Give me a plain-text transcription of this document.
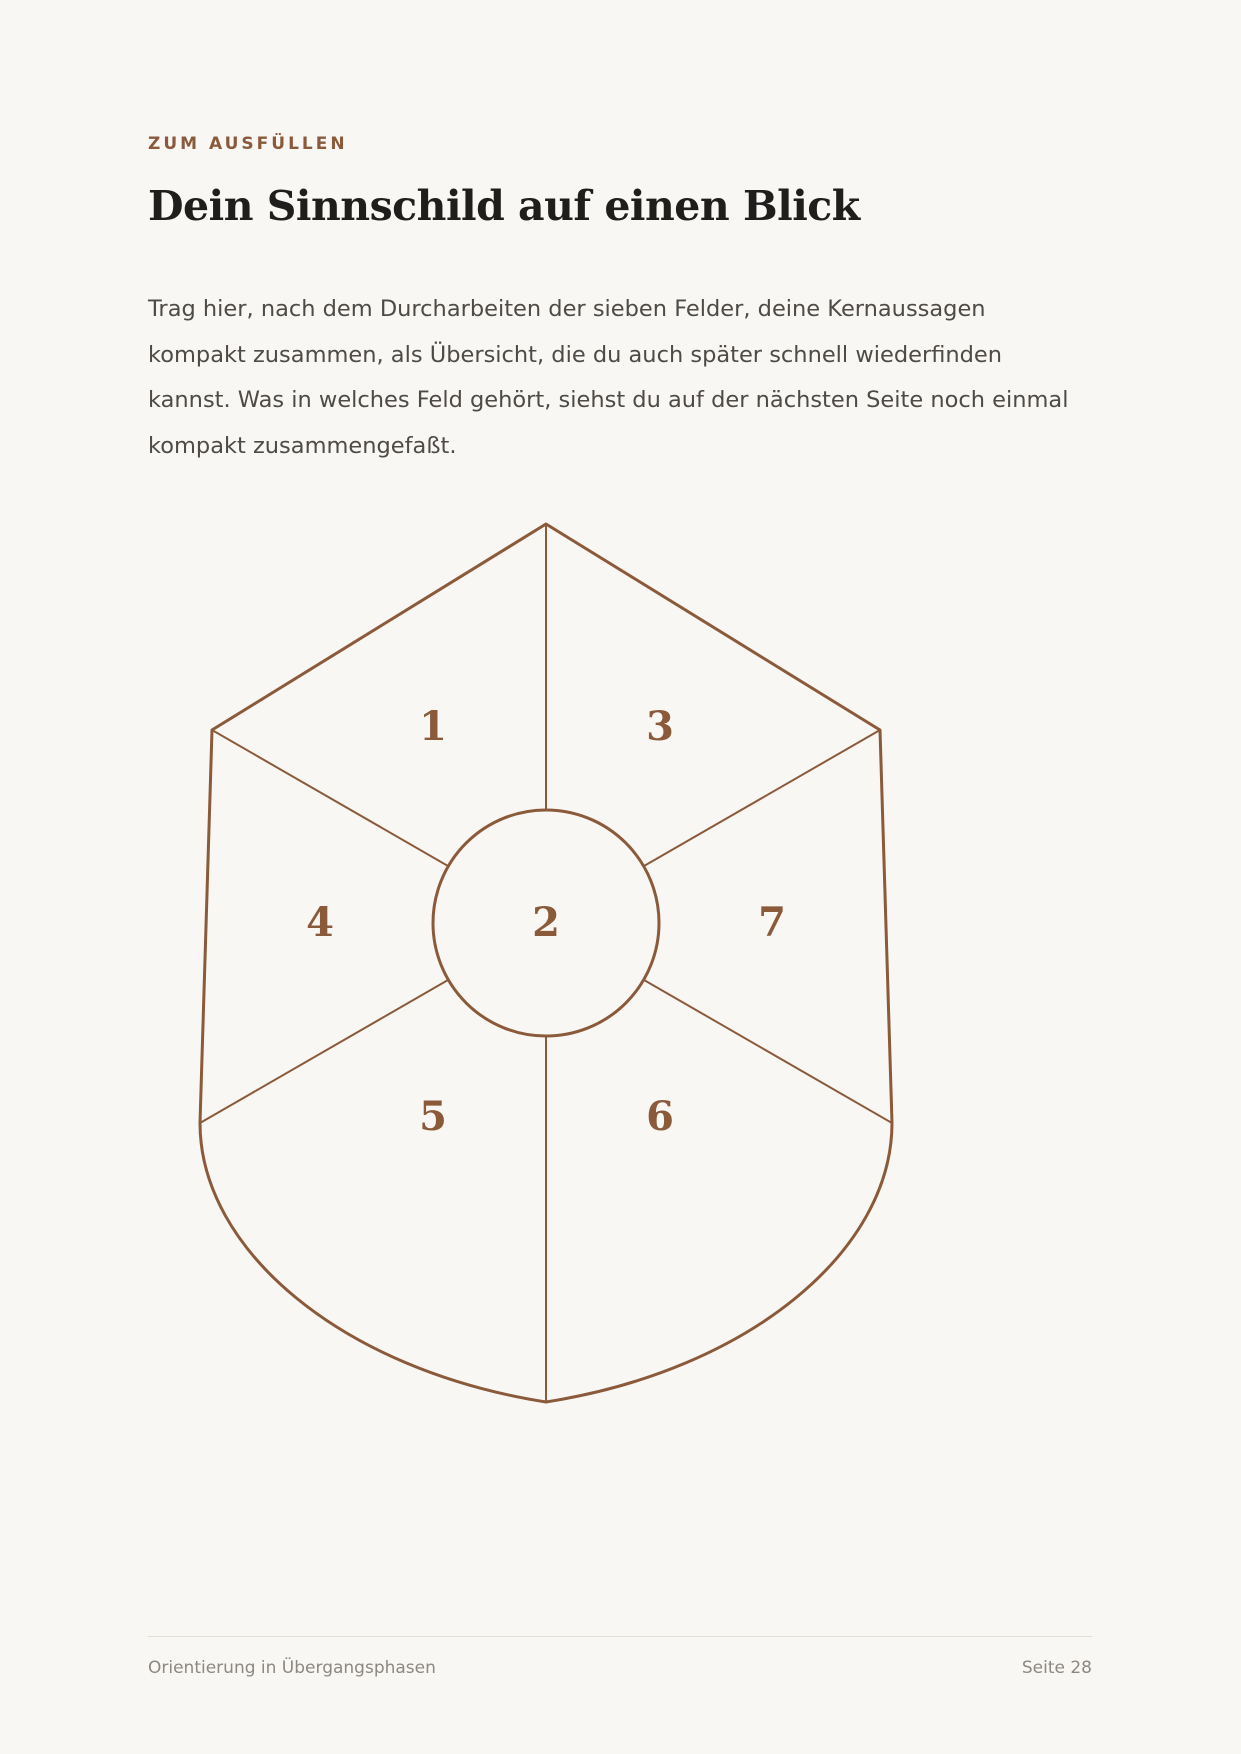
ZUM AUSFÜLLEN
Dein Sinnschild auf einen Blick

Trag hier, nach dem Durcharbeiten der sieben Felder, deine Kernaussagen kompakt zusammen, als Übersicht, die du auch später schnell wiederfinden kannst. Was in welches Feld gehört, siehst du auf der nächsten Seite noch einmal kompakt zusammengefaßt.

1	3
4	2	7
5	6
Orientierung in Übergangsphasen	Seite 28
